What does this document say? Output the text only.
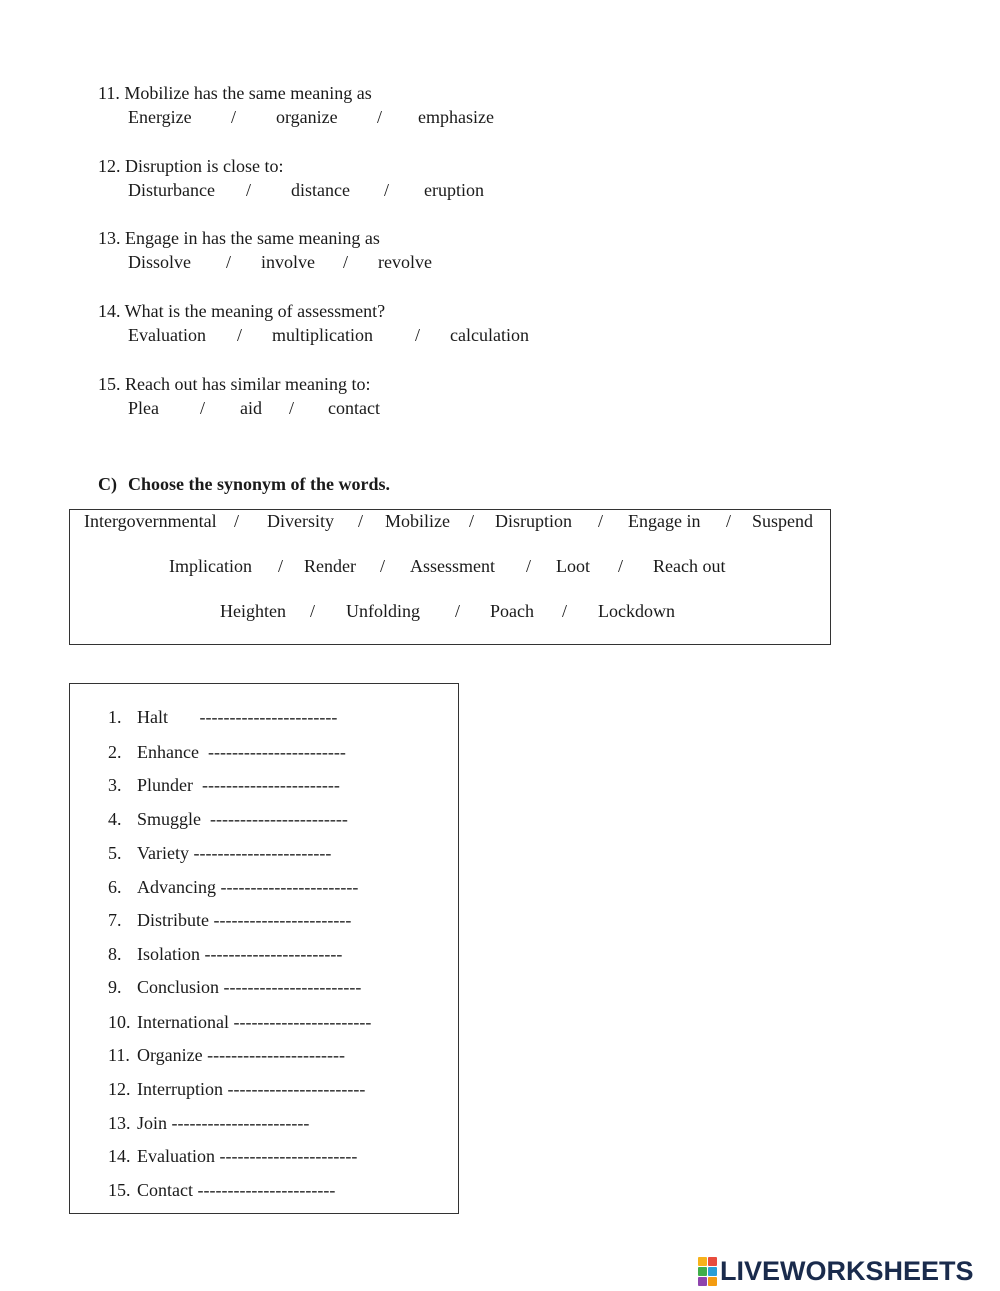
11. Mobilize has the same meaning as
Energize / organize / emphasize
12. Disruption is close to:
Disturbance / distance / eruption
13. Engage in has the same meaning as
Dissolve / involve / revolve
14. What is the meaning of assessment?
Evaluation / multiplication / calculation
15. Reach out has similar meaning to:
Plea / aid / contact
C) Choose the synonym of the words.
Intergovernmental / Diversity / Mobilize / Disruption / Engage in / Suspend
Implication / Render / Assessment / Loot / Reach out
Heighten / Unfolding / Poach / Lockdown
1. Halt       -----------------------
2. Enhance  -----------------------
3. Plunder  -----------------------
4. Smuggle  -----------------------
5. Variety -----------------------
6. Advancing -----------------------
7. Distribute -----------------------
8. Isolation -----------------------
9. Conclusion -----------------------
10. International -----------------------
11. Organize -----------------------
12. Interruption -----------------------
13. Join -----------------------
14. Evaluation -----------------------
15. Contact -----------------------
LIVEWORKSHEETS
